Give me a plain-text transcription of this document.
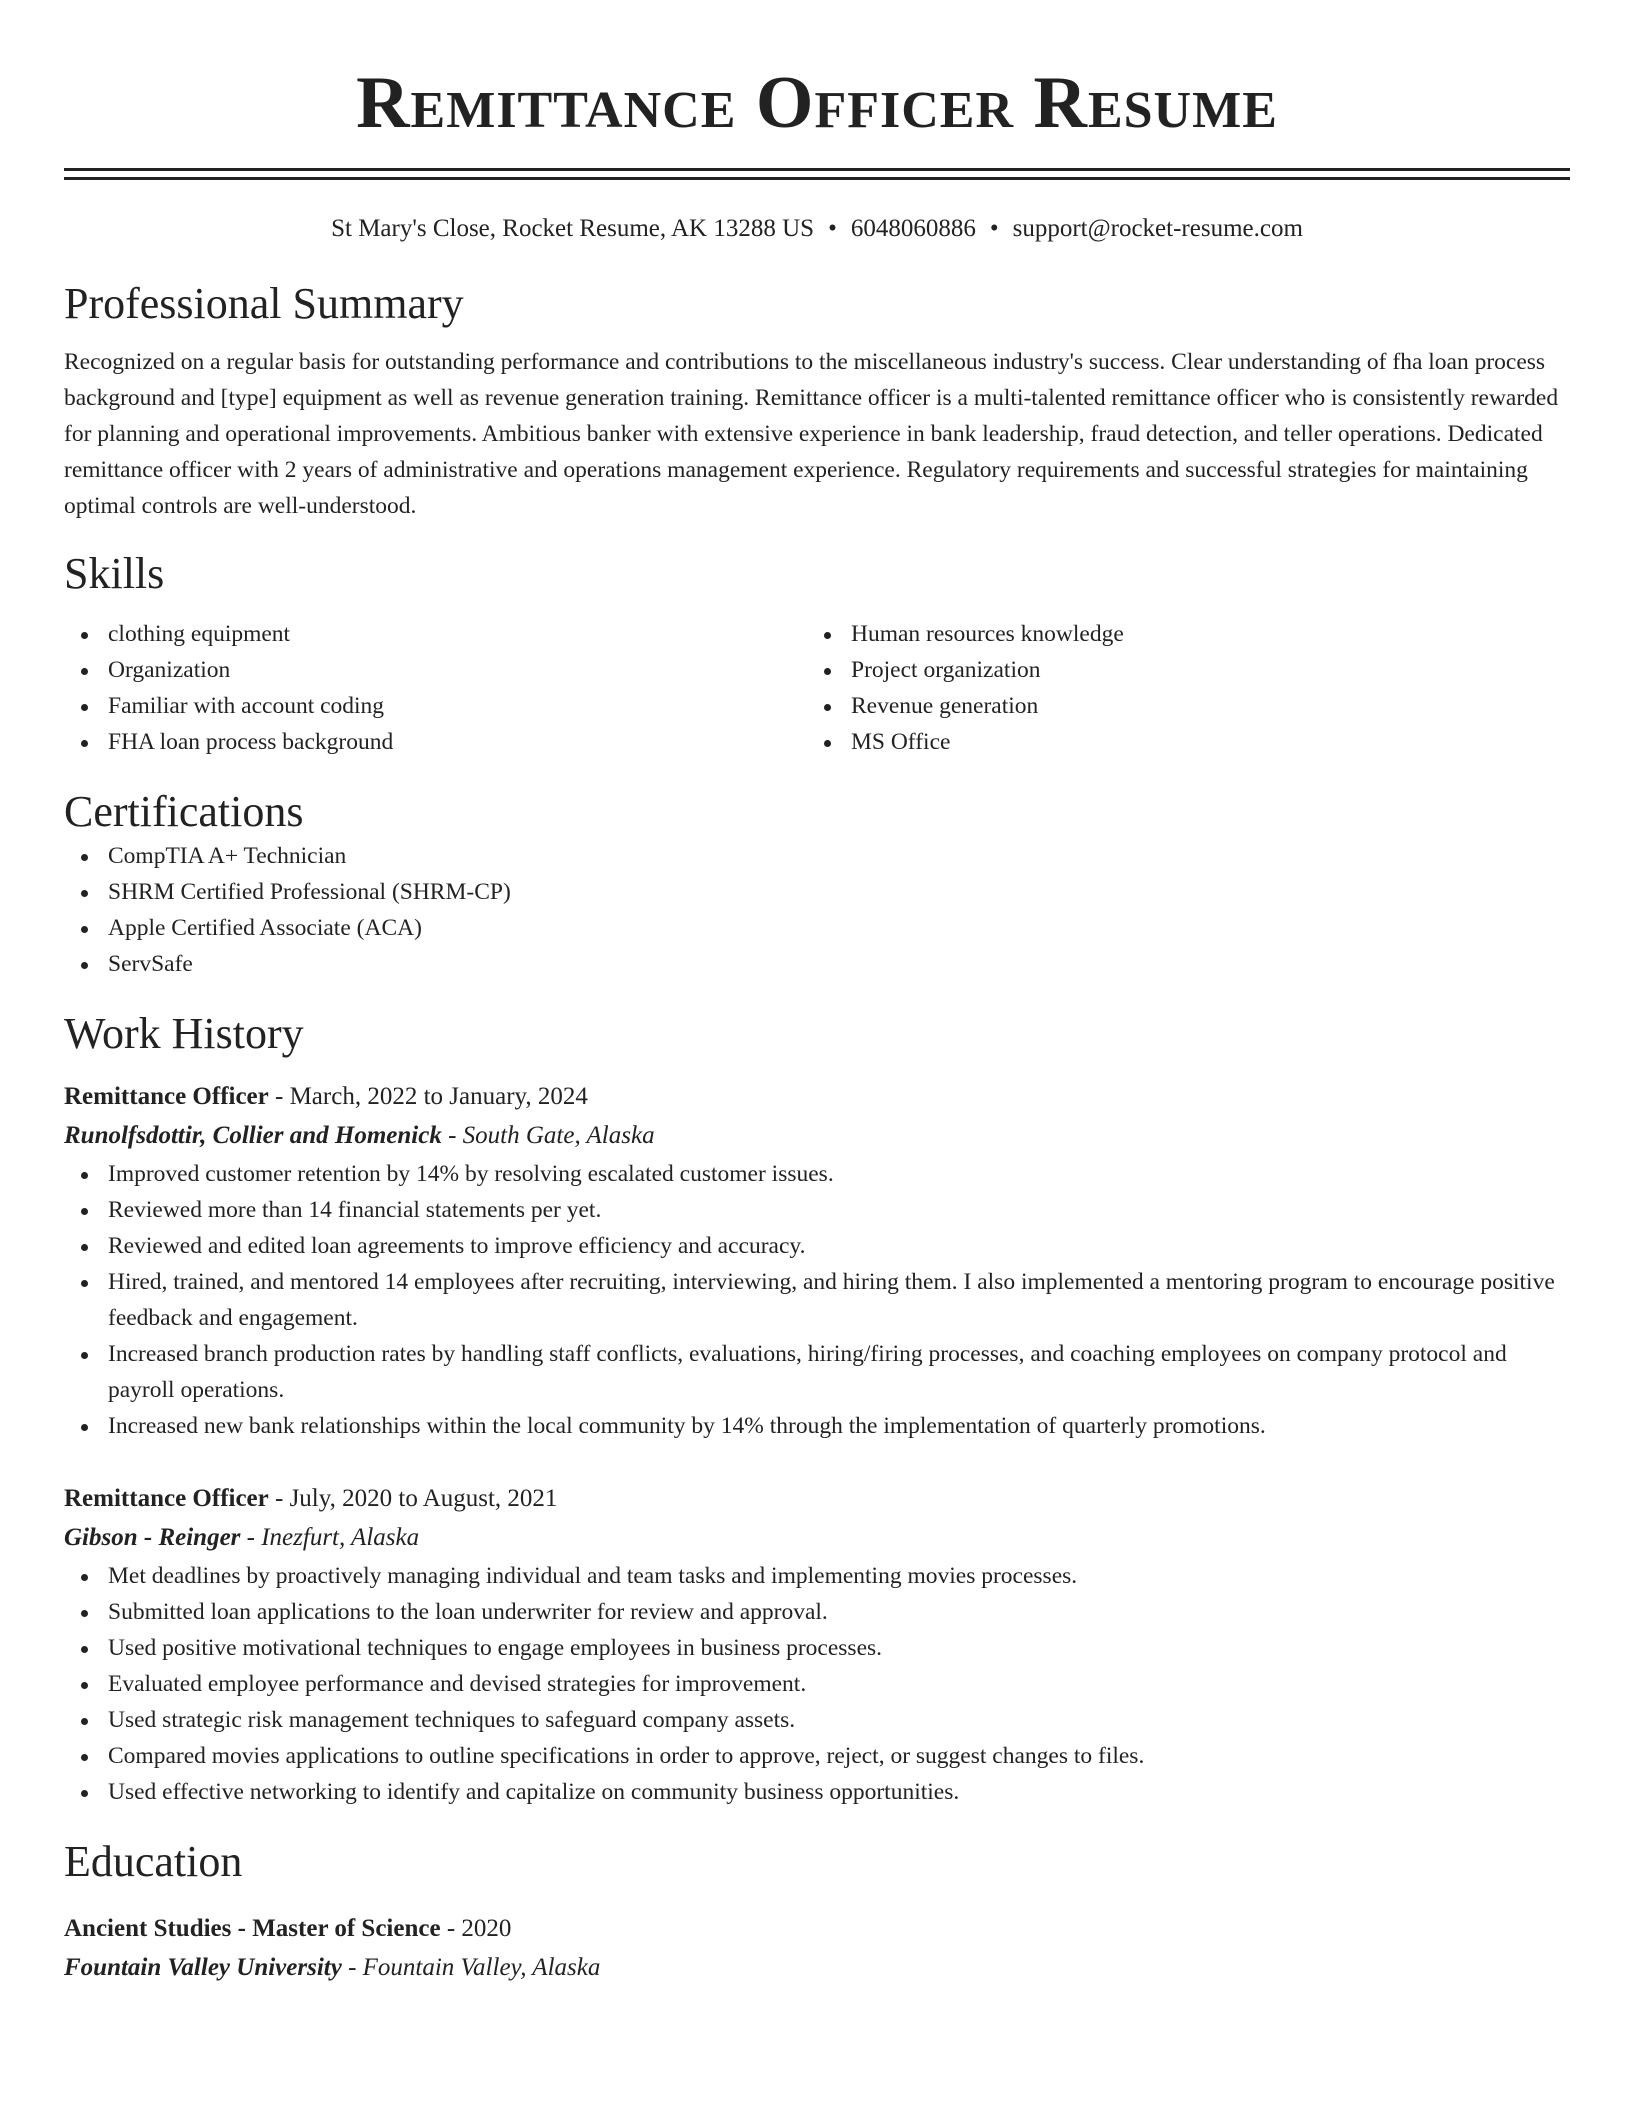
Remittance Officer Resume
St Mary's Close, Rocket Resume, AK 13288 US • 6048060886 • support@rocket-resume.com
Professional Summary
Recognized on a regular basis for outstanding performance and contributions to the miscellaneous industry's success. Clear understanding of fha loan process background and [type] equipment as well as revenue generation training. Remittance officer is a multi-talented remittance officer who is consistently rewarded for planning and operational improvements. Ambitious banker with extensive experience in bank leadership, fraud detection, and teller operations. Dedicated remittance officer with 2 years of administrative and operations management experience. Regulatory requirements and successful strategies for maintaining optimal controls are well-understood.
Skills
clothing equipment
Organization
Familiar with account coding
FHA loan process background
Human resources knowledge
Project organization
Revenue generation
MS Office
Certifications
CompTIA A+ Technician
SHRM Certified Professional (SHRM-CP)
Apple Certified Associate (ACA)
ServSafe
Work History
Remittance Officer - March, 2022 to January, 2024
Runolfsdottir, Collier and Homenick - South Gate, Alaska
Improved customer retention by 14% by resolving escalated customer issues.
Reviewed more than 14 financial statements per yet.
Reviewed and edited loan agreements to improve efficiency and accuracy.
Hired, trained, and mentored 14 employees after recruiting, interviewing, and hiring them. I also implemented a mentoring program to encourage positive feedback and engagement.
Increased branch production rates by handling staff conflicts, evaluations, hiring/firing processes, and coaching employees on company protocol and payroll operations.
Increased new bank relationships within the local community by 14% through the implementation of quarterly promotions.
Remittance Officer - July, 2020 to August, 2021
Gibson - Reinger - Inezfurt, Alaska
Met deadlines by proactively managing individual and team tasks and implementing movies processes.
Submitted loan applications to the loan underwriter for review and approval.
Used positive motivational techniques to engage employees in business processes.
Evaluated employee performance and devised strategies for improvement.
Used strategic risk management techniques to safeguard company assets.
Compared movies applications to outline specifications in order to approve, reject, or suggest changes to files.
Used effective networking to identify and capitalize on community business opportunities.
Education
Ancient Studies - Master of Science - 2020
Fountain Valley University - Fountain Valley, Alaska
